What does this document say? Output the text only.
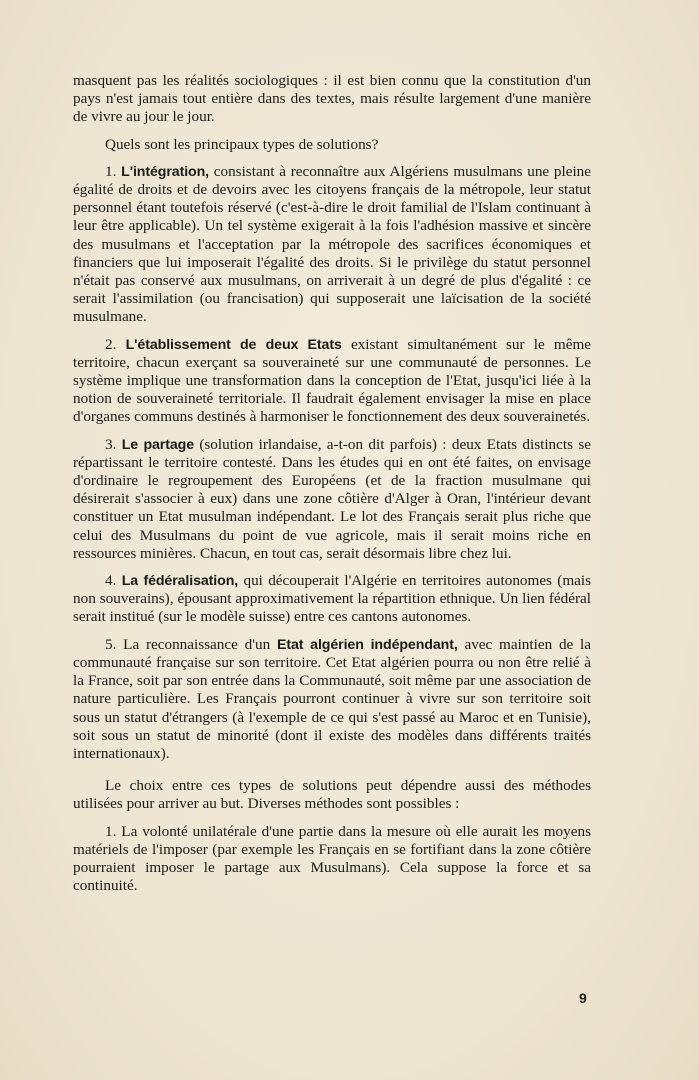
masquent pas les réalités sociologiques : il est bien connu que la constitution d'un pays n'est jamais tout entière dans des textes, mais résulte largement d'une manière de vivre au jour le jour.

Quels sont les principaux types de solutions?

1. L'intégration, consistant à reconnaître aux Algériens musulmans une pleine égalité de droits et de devoirs avec les citoyens français de la métropole, leur statut personnel étant toutefois réservé (c'est-à-dire le droit familial de l'Islam continuant à leur être applicable). Un tel système exigerait à la fois l'adhésion massive et sincère des musulmans et l'acceptation par la métropole des sacrifices économiques et financiers que lui imposerait l'égalité des droits. Si le privilège du statut personnel n'était pas conservé aux musulmans, on arriverait à un degré de plus d'égalité : ce serait l'assimilation (ou francisation) qui supposerait une laïcisation de la société musulmane.

2. L'établissement de deux Etats existant simultanément sur le même territoire, chacun exerçant sa souveraineté sur une communauté de personnes. Le système implique une transformation dans la conception de l'Etat, jusqu'ici liée à la notion de souveraineté territoriale. Il faudrait également envisager la mise en place d'organes communs destinés à harmoniser le fonctionnement des deux souverainetés.

3. Le partage (solution irlandaise, a-t-on dit parfois) : deux Etats distincts se répartissant le territoire contesté. Dans les études qui en ont été faites, on envisage d'ordinaire le regroupement des Européens (et de la fraction musulmane qui désirerait s'associer à eux) dans une zone côtière d'Alger à Oran, l'intérieur devant constituer un Etat musulman indépendant. Le lot des Français serait plus riche que celui des Musulmans du point de vue agricole, mais il serait moins riche en ressources minières. Chacun, en tout cas, serait désormais libre chez lui.

4. La fédéralisation, qui découperait l'Algérie en territoires autonomes (mais non souverains), épousant approximativement la répartition ethnique. Un lien fédéral serait institué (sur le modèle suisse) entre ces cantons autonomes.

5. La reconnaissance d'un Etat algérien indépendant, avec maintien de la communauté française sur son territoire. Cet Etat algérien pourra ou non être relié à la France, soit par son entrée dans la Communauté, soit même par une association de nature particulière. Les Français pourront continuer à vivre sur son territoire soit sous un statut d'étrangers (à l'exemple de ce qui s'est passé au Maroc et en Tunisie), soit sous un statut de minorité (dont il existe des modèles dans différents traités internationaux).

Le choix entre ces types de solutions peut dépendre aussi des méthodes utilisées pour arriver au but. Diverses méthodes sont possibles :

1. La volonté unilatérale d'une partie dans la mesure où elle aurait les moyens matériels de l'imposer (par exemple les Français en se fortifiant dans la zone côtière pourraient imposer le partage aux Musulmans). Cela suppose la force et sa continuité.

9
